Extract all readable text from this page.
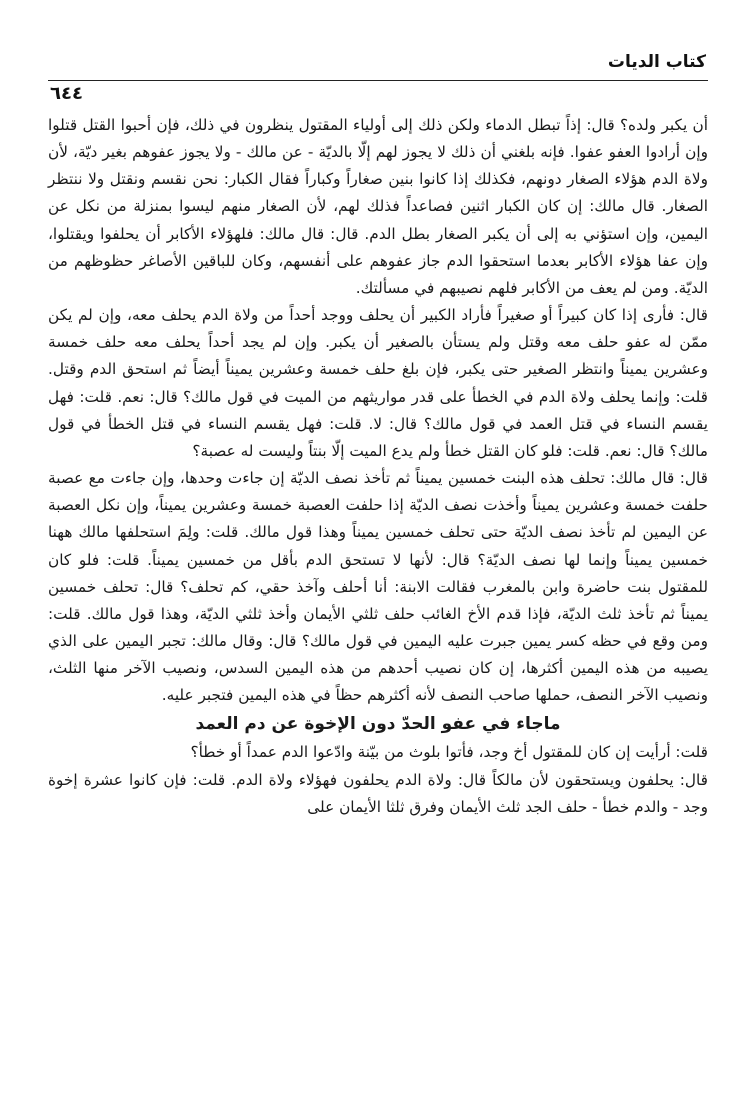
كتاب الديات
٦٤٤

أن يكبر ولده؟ قال: إذاً تبطل الدماء ولكن ذلك إلى أولياء المقتول ينظرون في ذلك، فإن أحبوا القتل قتلوا وإن أرادوا العفو عفوا. فإنه بلغني أن ذلك لا يجوز لهم إلّا بالديّة - عن مالك - ولا يجوز عفوهم بغير ديّة، لأن ولاة الدم هؤلاء الصغار دونهم، فكذلك إذا كانوا بنين صغاراً وكباراً فقال الكبار: نحن نقسم ونقتل ولا ننتظر الصغار. قال مالك: إن كان الكبار اثنين فصاعداً فذلك لهم، لأن الصغار منهم ليسوا بمنزلة من نكل عن اليمين، وإن استؤني به إلى أن يكبر الصغار بطل الدم. قال: قال مالك: فلهؤلاء الأكابر أن يحلفوا ويقتلوا، وإن عفا هؤلاء الأكابر بعدما استحقوا الدم جاز عفوهم على أنفسهم، وكان للباقين الأصاغر حظوظهم من الديّة. ومن لم يعف من الأكابر فلهم نصيبهم في مسألتك.

قال: فأرى إذا كان كبيراً أو صغيراً فأراد الكبير أن يحلف ووجد أحداً من ولاة الدم يحلف معه، وإن لم يكن ممّن له عفو حلف معه وقتل ولم يستأن بالصغير أن يكبر. وإن لم يجد أحداً يحلف معه حلف خمسة وعشرين يميناً وانتظر الصغير حتى يكبر، فإن بلغ حلف خمسة وعشرين يميناً أيضاً ثم استحق الدم وقتل. قلت: وإنما يحلف ولاة الدم في الخطأ على قدر مواريثهم من الميت في قول مالك؟ قال: نعم. قلت: فهل يقسم النساء في قتل العمد في قول مالك؟ قال: لا. قلت: فهل يقسم النساء في قتل الخطأ في قول مالك؟ قال: نعم. قلت: فلو كان القتل خطأ ولم يدع الميت إلّا بنتاً وليست له عصبة؟

قال: قال مالك: تحلف هذه البنت خمسين يميناً ثم تأخذ نصف الديّة إن جاءت وحدها، وإن جاءت مع عصبة حلفت خمسة وعشرين يميناً وأخذت نصف الديّة إذا حلفت العصبة خمسة وعشرين يميناً، وإن نكل العصبة عن اليمين لم تأخذ نصف الديّة حتى تحلف خمسين يميناً وهذا قول مالك. قلت: ولِمَ استحلفها مالك ههنا خمسين يميناً وإنما لها نصف الديّة؟ قال: لأنها لا تستحق الدم بأقل من خمسين يميناً. قلت: فلو كان للمقتول بنت حاضرة وابن بالمغرب فقالت الابنة: أنا أحلف وآخذ حقي، كم تحلف؟ قال: تحلف خمسين يميناً ثم تأخذ ثلث الديّة، فإذا قدم الأخ الغائب حلف ثلثي الأيمان وأخذ ثلثي الديّة، وهذا قول مالك. قلت: ومن وقع في حظه كسر يمين جبرت عليه اليمين في قول مالك؟ قال: وقال مالك: تجبر اليمين على الذي يصيبه من هذه اليمين أكثرها، إن كان نصيب أحدهم من هذه اليمين السدس، ونصيب الآخر منها الثلث، ونصيب الآخر النصف، حملها صاحب النصف لأنه أكثرهم حظاً في هذه اليمين فتجبر عليه.

ماجاء في عفو الحدّ دون الإخوة عن دم العمد

قلت: أرأيت إن كان للمقتول أخ وجد، فأتوا بلوث من بيّنة وادّعوا الدم عمداً أو خطأ؟

قال: يحلفون ويستحقون لأن مالكاً قال: ولاة الدم يحلفون فهؤلاء ولاة الدم. قلت: فإن كانوا عشرة إخوة وجد - والدم خطأ - حلف الجد ثلث الأيمان وفرق ثلثا الأيمان على
